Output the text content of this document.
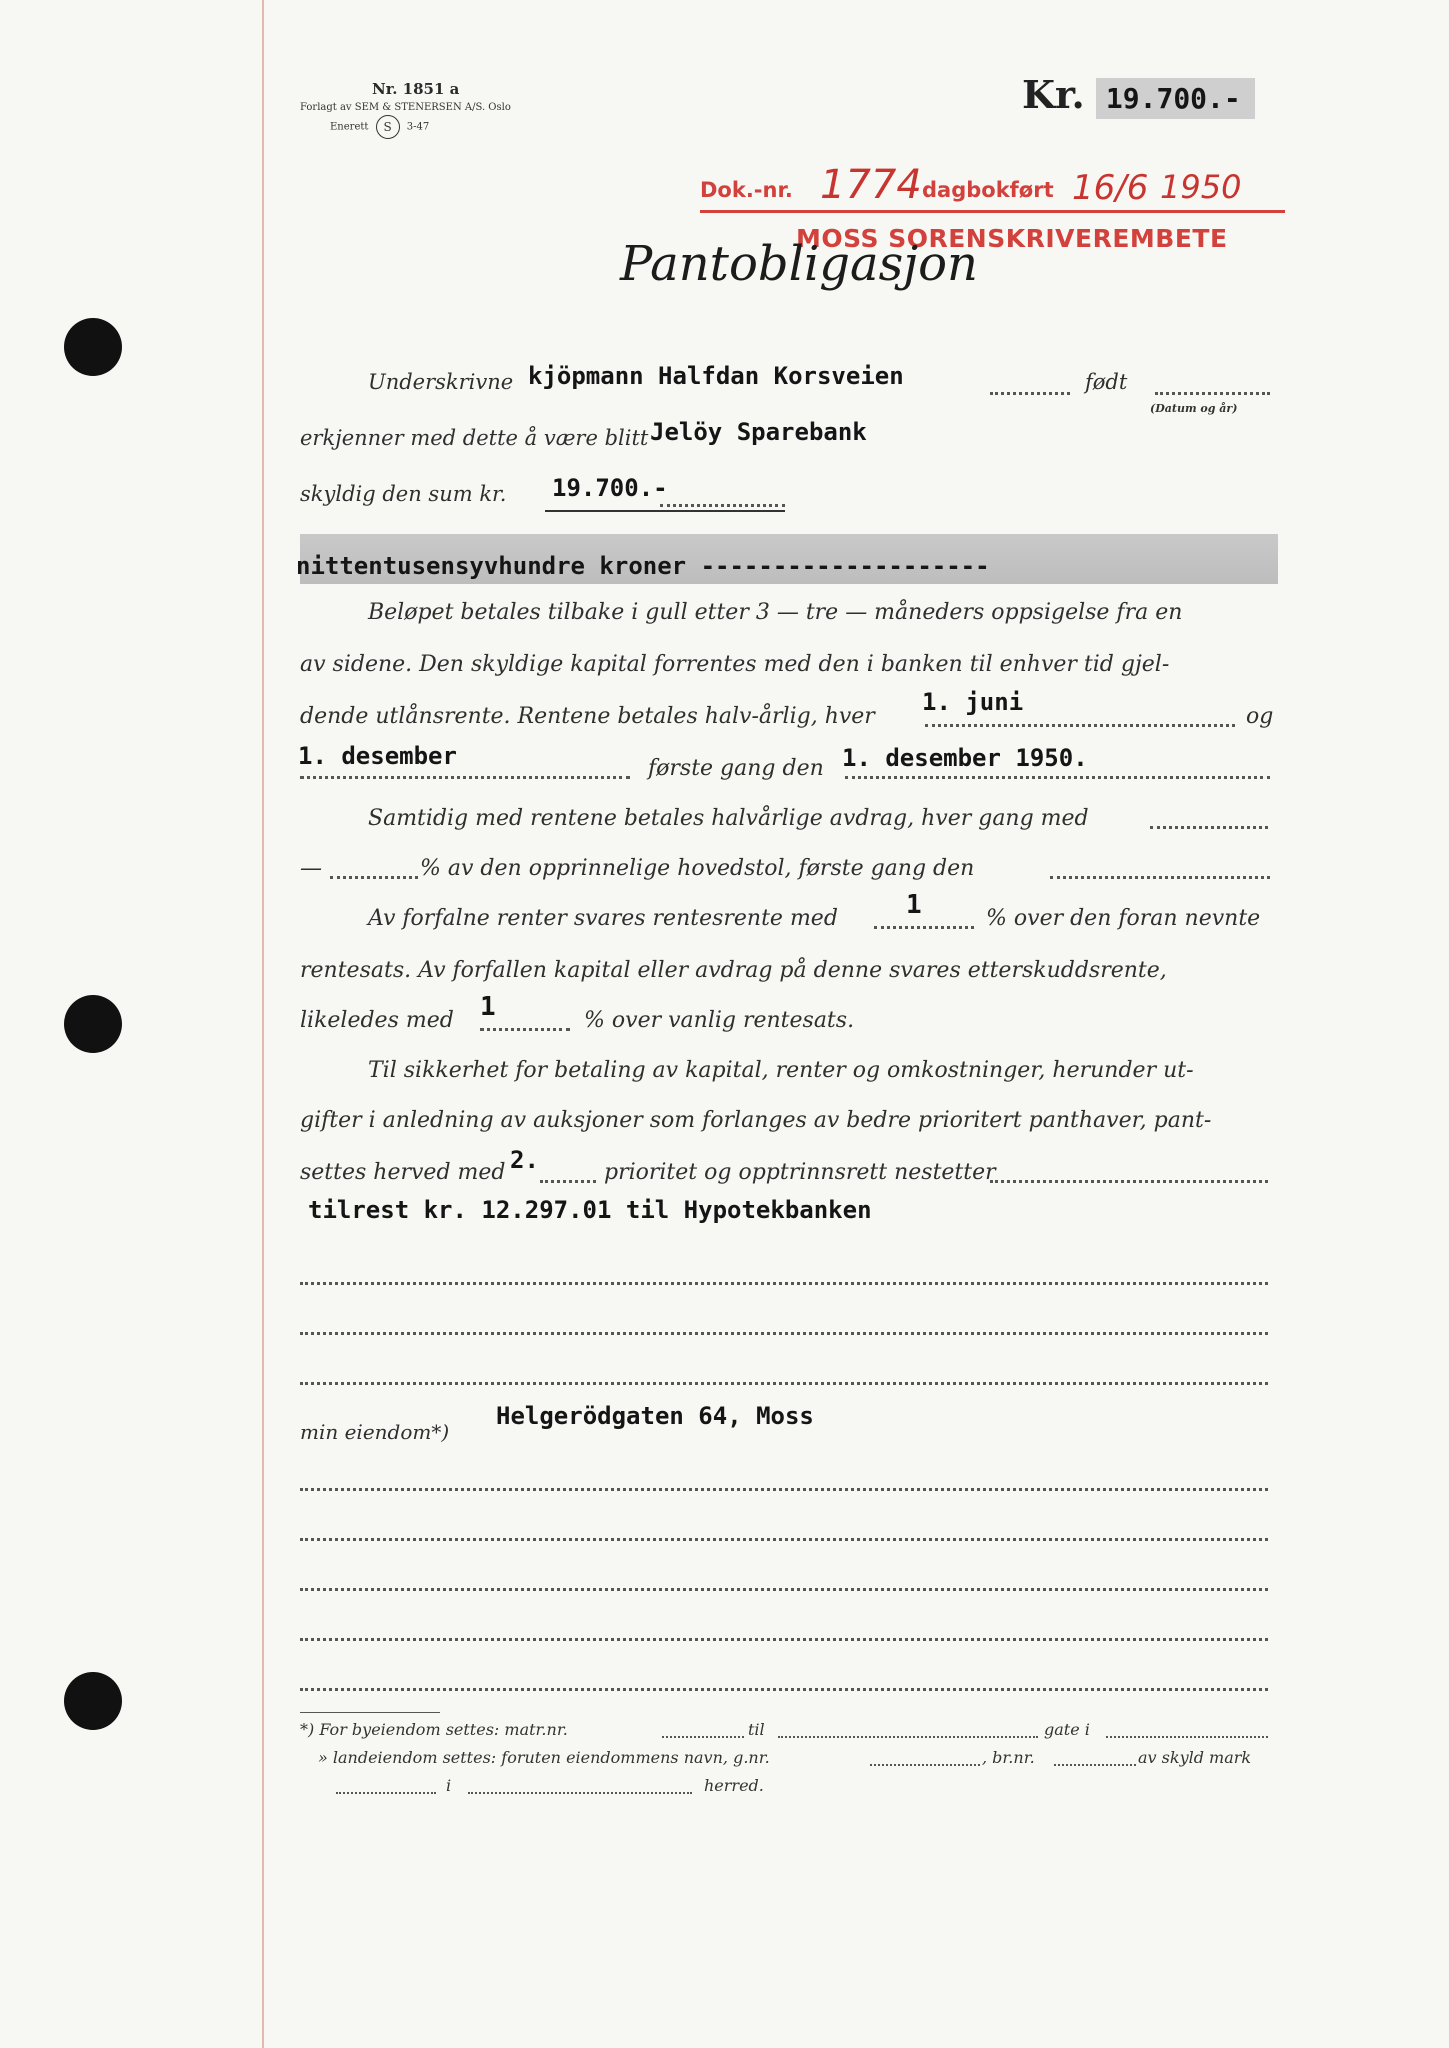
Nr. 1851 a
Forlagt av SEM & STENERSEN A/S. Oslo
Enerett S 3-47
Kr. 19.700.-
Dok.-nr. 1774 dagbokført 16/6 1950
MOSS SORENSKRIVEREMBETE
Pantobligasjon
Underskrivne kjöpmann Halfdan Korsveien	født
(Datum og år)
erkjenner med dette å være blitt Jelöy Sparebank
skyldig den sum kr. 19.700.-
nittentusensyvhundre kroner --------------------
Beløpet betales tilbake i gull etter 3 — tre — måneders oppsigelse fra en
av sidene. Den skyldige kapital forrentes med den i banken til enhver tid gjel-
dende utlånsrente. Rentene betales halv-årlig, hver
1. juni
og
1. desember	første gang den 1. desember 1950.
Samtidig med rentene betales halvårlige avdrag, hver gang med
—	% av den opprinnelige hovedstol, første gang den
Av forfalne renter svares rentesrente med	1	% over den foran nevnte
rentesats. Av forfallen kapital eller avdrag på denne svares etterskuddsrente,
likeledes med 1	% over vanlig rentesats.
Til sikkerhet for betaling av kapital, renter og omkostninger, herunder ut-
gifter i anledning av auksjoner som forlanges av bedre prioritert panthaver, pant-
settes herved med 2.	prioritet og opptrinnsrett nestetter
tilrest kr. 12.297.01 til Hypotekbanken
min eiendom*)
Helgerödgaten 64, Moss
*) For byeiendom settes: matr.nr.	til	gate i
» landeiendom settes: foruten eiendommens navn, g.nr.	, br.nr.	av skyld mark
i	herred.
